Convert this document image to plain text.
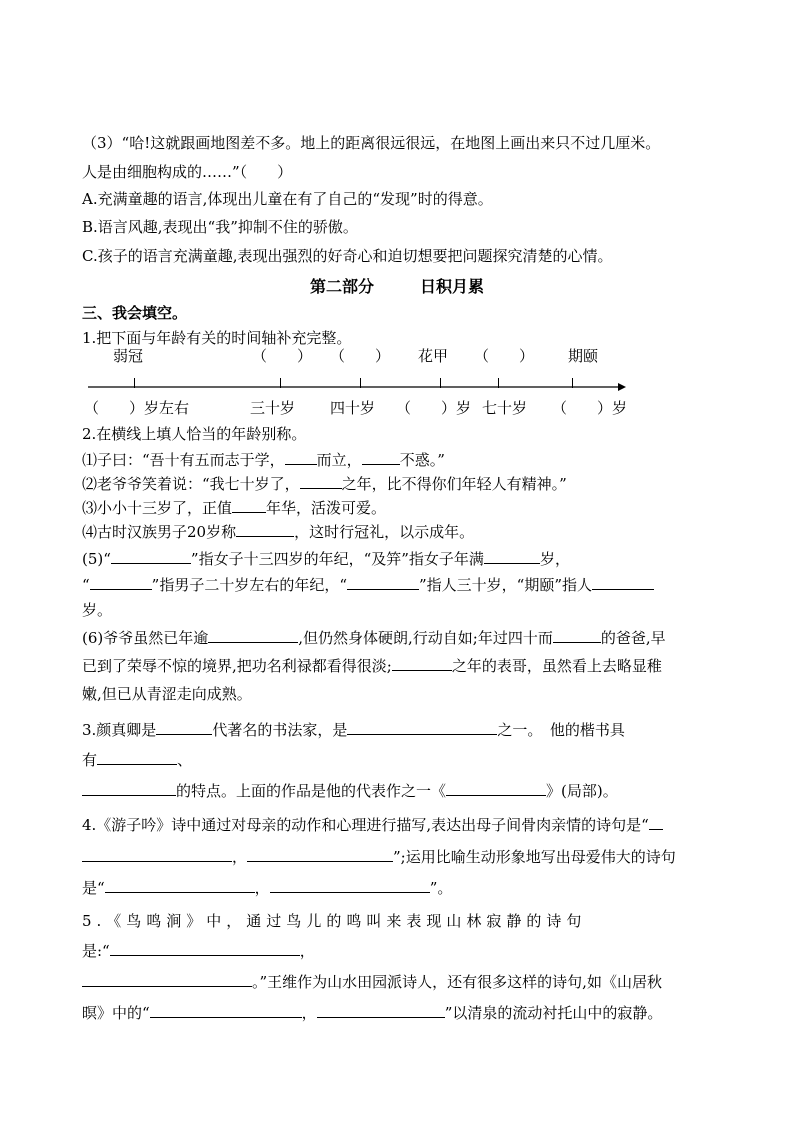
（3）“哈!这就跟画地图差不多。地上的距离很远很远，在地图上画出来只不过几厘米。
人是由细胞构成的……”（　　）
A.充满童趣的语言,体现出儿童在有了自己的“发现”时的得意。
B.语言风趣,表现出“我”抑制不住的骄傲。
C.孩子的语言充满童趣,表现出强烈的好奇心和迫切想要把问题探究清楚的心情。
第二部分	日积月累
三、我会填空。
1.把下面与年龄有关的时间轴补充完整。
弱冠	（　　） （　　） 花甲 （　　） 期颐
（　　）岁左右	三十岁 四十岁 （　　）岁 七十岁 （　　）岁
2.在横线上填人恰当的年龄别称。
⑴子曰：“吾十有五而志于学， 而立，	不惑。”
⑵老爷爷笑着说：“我七十岁了，	之年，比不得你们年轻人有精神。”
⑶小小十三岁了，正值 年华，活泼可爱。
⑷古时汉族男子20岁称	，这时行冠礼，以示成年。
(5)“	”指女子十三四岁的年纪，“及笄”指女子年满	岁，
“	”指男子二十岁左右的年纪，“	”指人三十岁，“期颐”指人
岁。
(6)爷爷虽然已年逾	,但仍然身体硬朗,行动自如;年过四十而	的爸爸,早
已到了荣辱不惊的境界,把功名利禄都看得很淡;	之年的表哥，虽然看上去略显稚
嫩,但已从青涩走向成熟。
3.颜真卿是	代著名的书法家，是	之一。　他的楷书具
有	、
的特点。上面的作品是他的代表作之一《	》(局部)。
4.《游子吟》诗中通过对母亲的动作和心理进行描写,表达出母子间骨肉亲情的诗句是“
，	”;运用比喻生动形象地写出母爱伟大的诗句
是“	，	”。
5.《鸟鸣涧》中，通过鸟儿的鸣叫来表现山林寂静的诗句
是:“	，
。”王维作为山水田园派诗人，还有很多这样的诗句,如《山居秋
暝》中的“	，	”以清泉的流动衬托山中的寂静。
